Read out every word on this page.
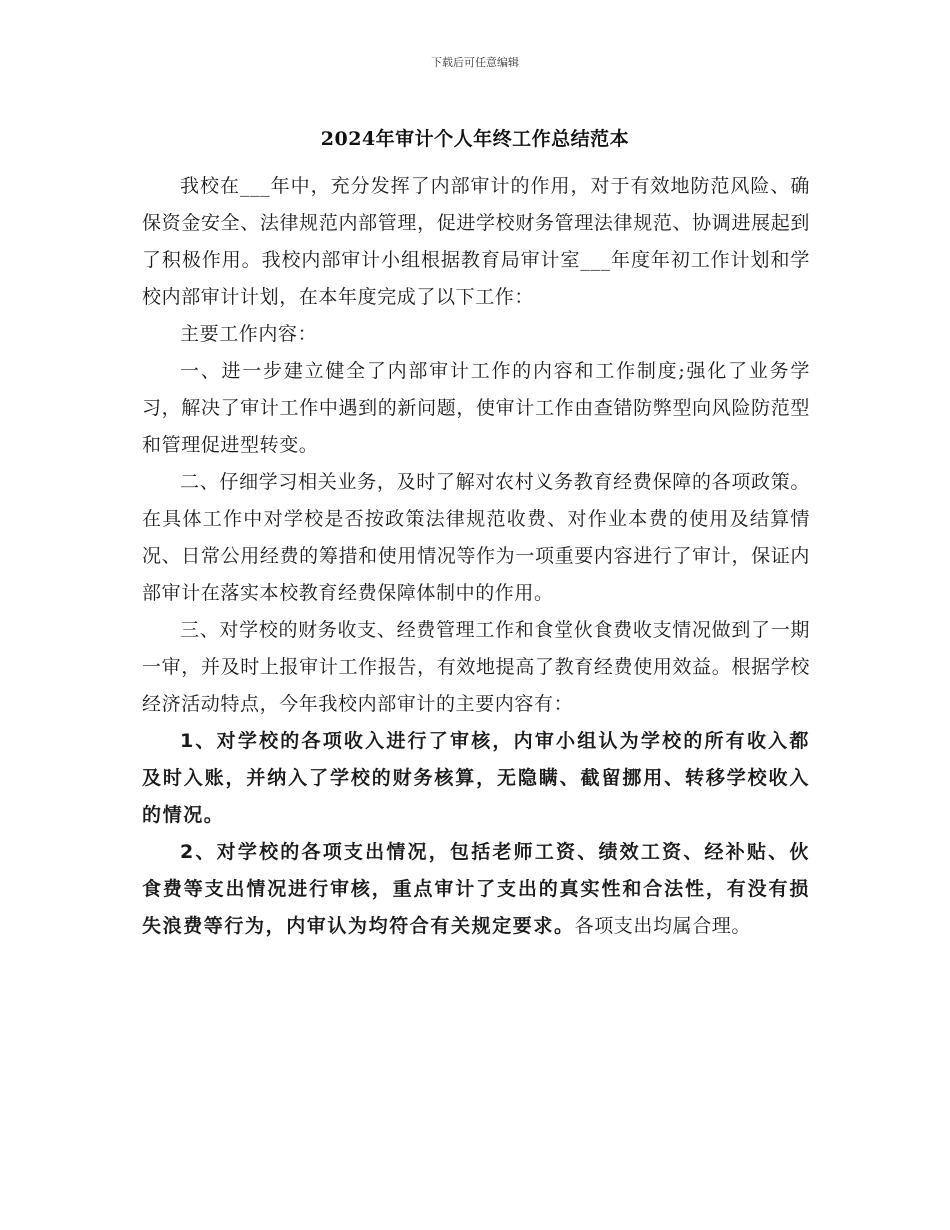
下载后可任意编辑
2024年审计个人年终工作总结范本

我校在___年中，充分发挥了内部审计的作用，对于有效地防范风险、确保资金安全、法律规范内部管理，促进学校财务管理法律规范、协调进展起到了积极作用。我校内部审计小组根据教育局审计室___年度年初工作计划和学校内部审计计划，在本年度完成了以下工作：

主要工作内容：

一、进一步建立健全了内部审计工作的内容和工作制度;强化了业务学习，解决了审计工作中遇到的新问题，使审计工作由查错防弊型向风险防范型和管理促进型转变。

二、仔细学习相关业务，及时了解对农村义务教育经费保障的各项政策。在具体工作中对学校是否按政策法律规范收费、对作业本费的使用及结算情况、日常公用经费的筹措和使用情况等作为一项重要内容进行了审计，保证内部审计在落实本校教育经费保障体制中的作用。

三、对学校的财务收支、经费管理工作和食堂伙食费收支情况做到了一期一审，并及时上报审计工作报告，有效地提高了教育经费使用效益。根据学校经济活动特点，今年我校内部审计的主要内容有：

1、对学校的各项收入进行了审核，内审小组认为学校的所有收入都及时入账，并纳入了学校的财务核算，无隐瞒、截留挪用、转移学校收入的情况。

2、对学校的各项支出情况，包括老师工资、绩效工资、经补贴、伙食费等支出情况进行审核，重点审计了支出的真实性和合法性，有没有损失浪费等行为，内审认为均符合有关规定要求。各项支出均属合理。
